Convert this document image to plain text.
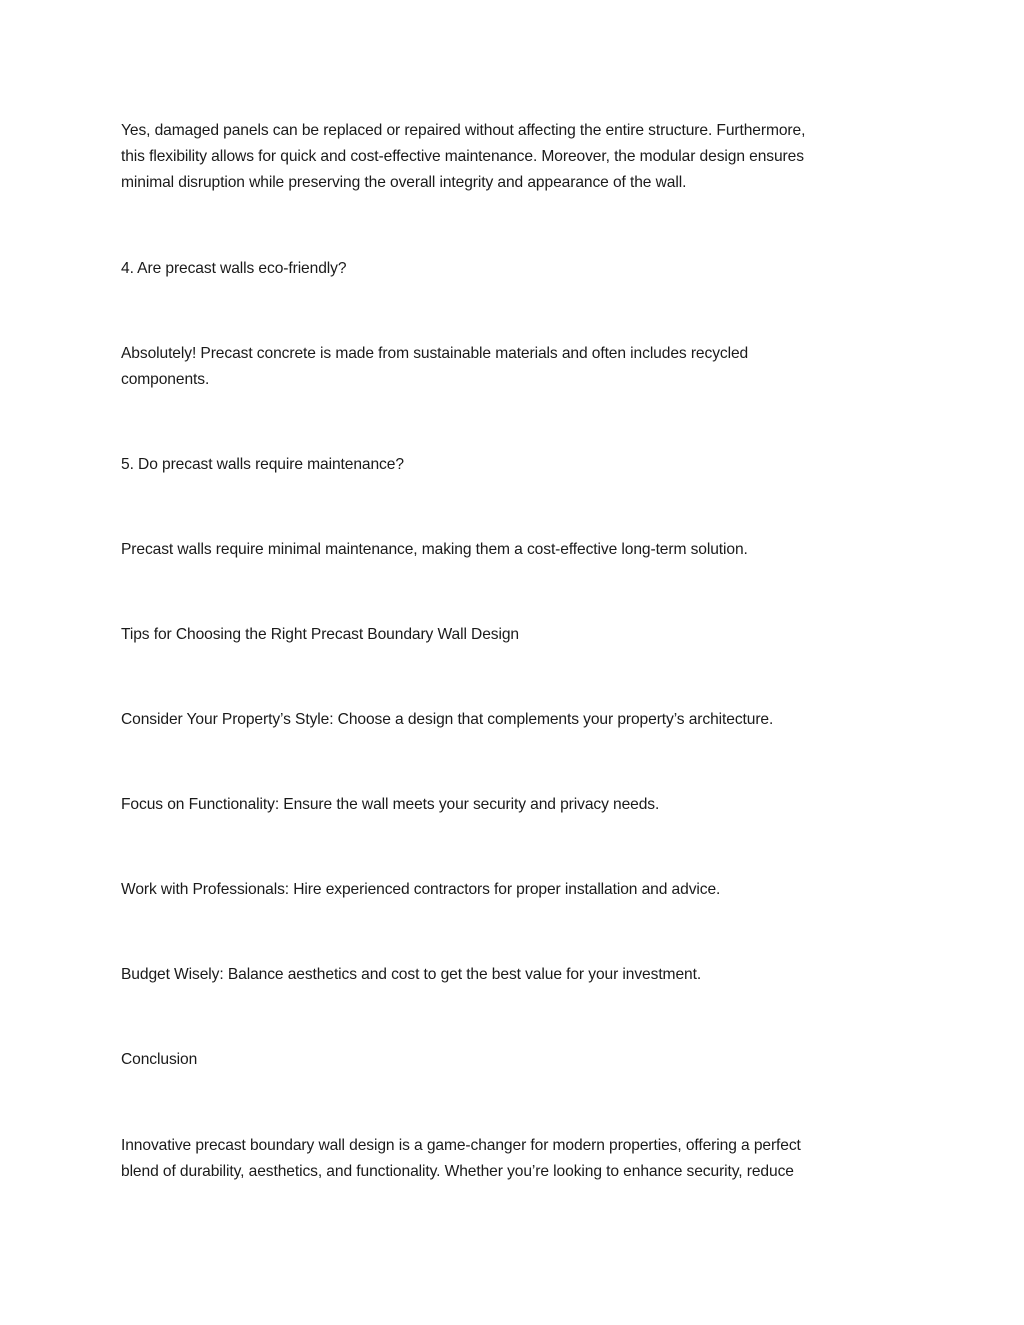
Yes, damaged panels can be replaced or repaired without affecting the entire structure. Furthermore,
this flexibility allows for quick and cost-effective maintenance. Moreover, the modular design ensures
minimal disruption while preserving the overall integrity and appearance of the wall.

4. Are precast walls eco-friendly?

Absolutely! Precast concrete is made from sustainable materials and often includes recycled
components.

5. Do precast walls require maintenance?

Precast walls require minimal maintenance, making them a cost-effective long-term solution.

Tips for Choosing the Right Precast Boundary Wall Design

Consider Your Property’s Style: Choose a design that complements your property’s architecture.

Focus on Functionality: Ensure the wall meets your security and privacy needs.

Work with Professionals: Hire experienced contractors for proper installation and advice.

Budget Wisely: Balance aesthetics and cost to get the best value for your investment.

Conclusion

Innovative precast boundary wall design is a game-changer for modern properties, offering a perfect
blend of durability, aesthetics, and functionality. Whether you’re looking to enhance security, reduce
